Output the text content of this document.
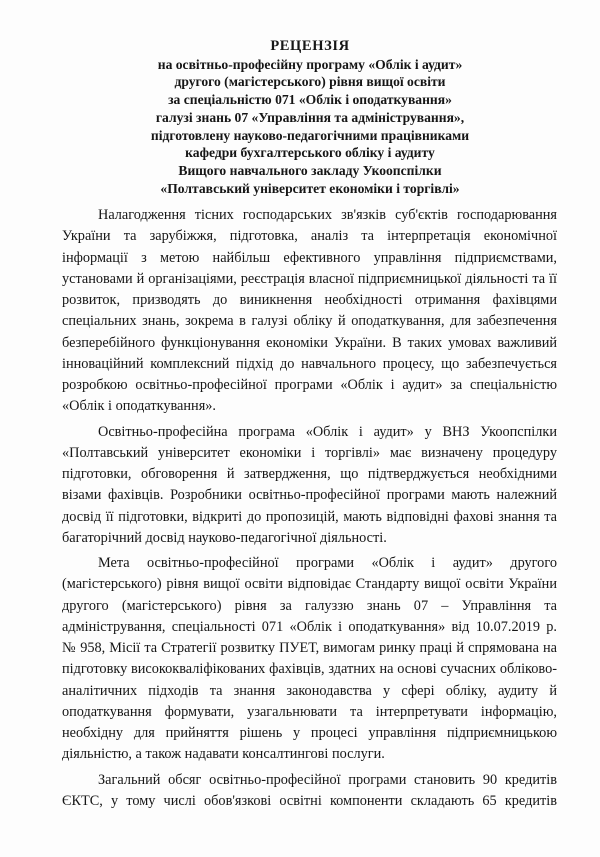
РЕЦЕНЗІЯ
на освітньо-професійну програму «Облік і аудит»
другого (магістерського) рівня вищої освіти
за спеціальністю 071 «Облік і оподаткування»
галузі знань 07 «Управління та адміністрування»,
підготовлену науково-педагогічними працівниками
кафедри бухгалтерського обліку і аудиту
Вищого навчального закладу Укоопспілки
«Полтавський університет економіки і торгівлі»
Налагодження тісних господарських зв'язків суб'єктів господарювання
України та зарубіжжя, підготовка, аналіз та інтерпретація економічної
інформації з метою найбільш ефективного управління підприємствами,
установами й організаціями, реєстрація власної підприємницької діяльності та її
розвиток, призводять до виникнення необхідності отримання фахівцями
спеціальних знань, зокрема в галузі обліку й оподаткування, для забезпечення
безперебійного функціонування економіки України. В таких умовах важливий
інноваційний комплексний підхід до навчального процесу, що забезпечується
розробкою освітньо-професійної програми «Облік і аудит» за спеціальністю
«Облік і оподаткування».
Освітньо-професійна програма «Облік і аудит» у ВНЗ Укоопспілки
«Полтавський університет економіки і торгівлі» має визначену процедуру
підготовки, обговорення й затвердження, що підтверджується необхідними
візами фахівців. Розробники освітньо-професійної програми мають належний
досвід її підготовки, відкриті до пропозицій, мають відповідні фахові знання та
багаторічний досвід науково-педагогічної діяльності.
Мета освітньо-професійної програми «Облік і аудит» другого
(магістерського) рівня вищої освіти відповідає Стандарту вищої освіти України
другого (магістерського) рівня за галуззю знань 07 – Управління та
адміністрування, спеціальності 071 «Облік і оподаткування» від 10.07.2019 р.
№ 958, Місії та Стратегії розвитку ПУЕТ, вимогам ринку праці й спрямована на
підготовку висококваліфікованих фахівців, здатних на основі сучасних обліково-
аналітичних підходів та знання законодавства у сфері обліку, аудиту й
оподаткування формувати, узагальнювати та інтерпретувати інформацію,
необхідну для прийняття рішень у процесі управління підприємницькою
діяльністю, а також надавати консалтингові послуги.
Загальний обсяг освітньо-професійної програми становить 90 кредитів
ЄКТС, у тому числі обов'язкові освітні компоненти складають 65 кредитів
